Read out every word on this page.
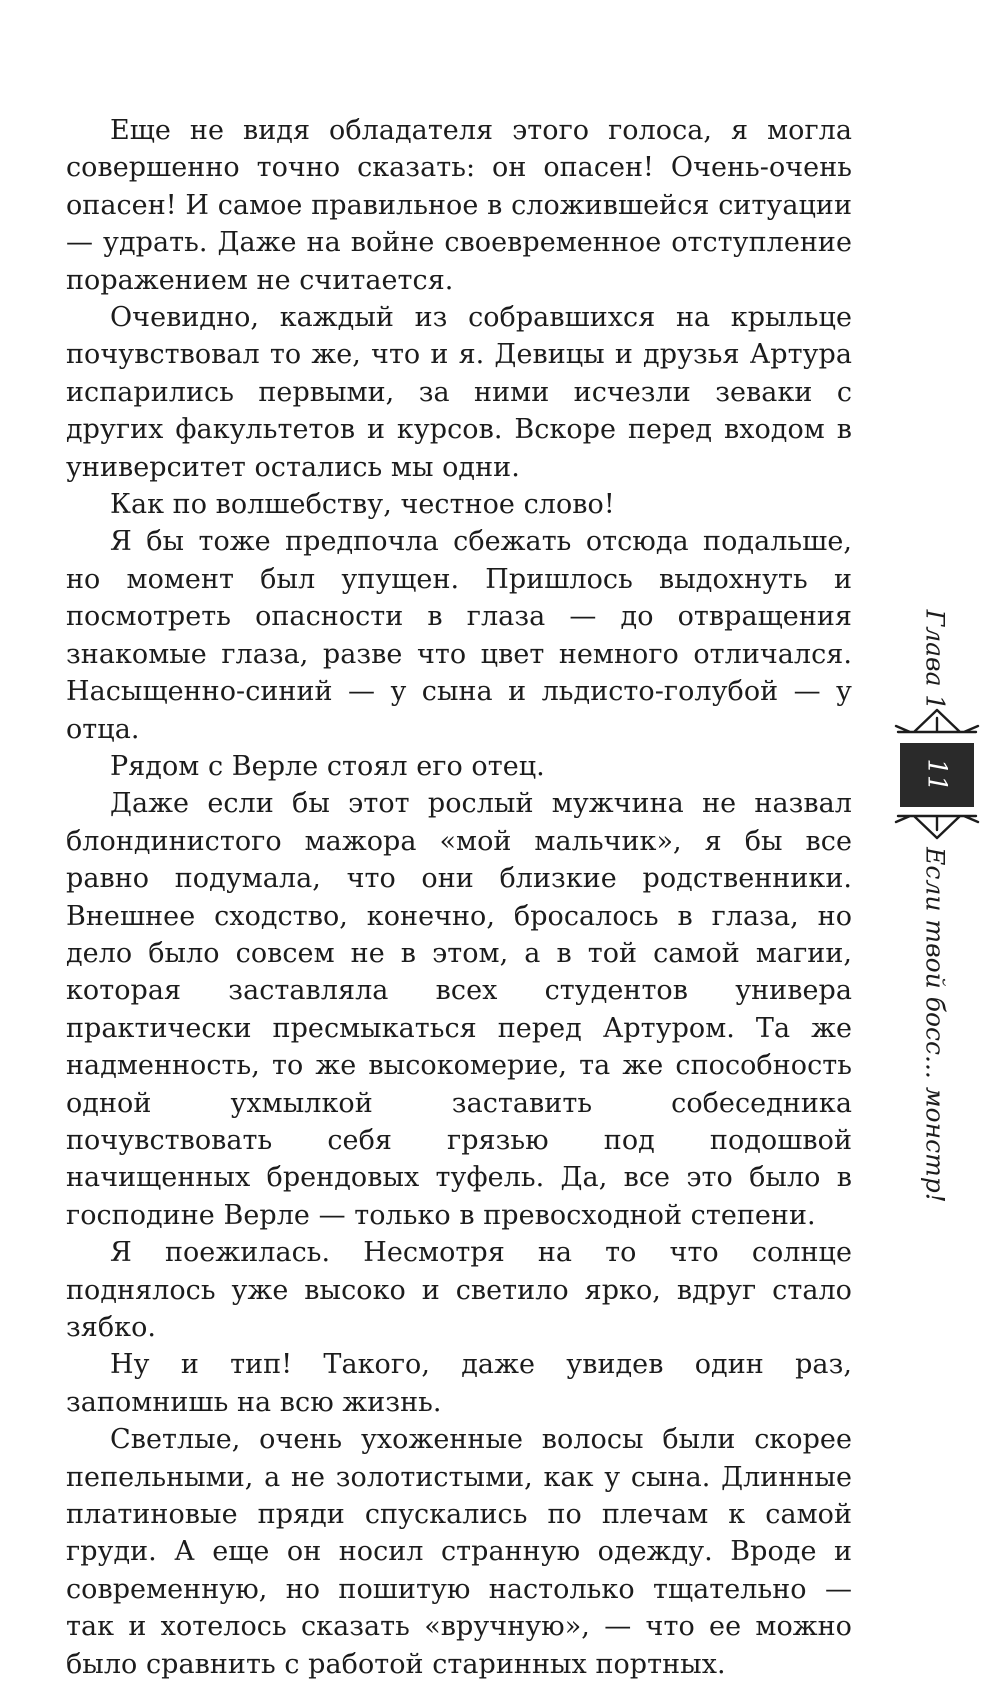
Еще не видя обладателя этого голоса, я могла совершенно точно сказать: он опасен! Очень-очень опасен! И самое правильное в сложившейся ситуации — удрать. Даже на войне своевременное отступление поражением не считается.

Очевидно, каждый из собравшихся на крыльце почувствовал то же, что и я. Девицы и друзья Артура испарились первыми, за ними исчезли зеваки с других факультетов и курсов. Вскоре перед входом в университет остались мы одни.

Как по волшебству, честное слово!

Я бы тоже предпочла сбежать отсюда подальше, но момент был упущен. Пришлось выдохнуть и посмотреть опасности в глаза — до отвращения знакомые глаза, разве что цвет немного отличался. Насыщенно-синий — у сына и льдисто-голубой — у отца.

Рядом с Верле стоял его отец.

Даже если бы этот рослый мужчина не назвал блондинистого мажора «мой мальчик», я бы все равно подумала, что они близкие родственники. Внешнее сходство, конечно, бросалось в глаза, но дело было совсем не в этом, а в той самой магии, которая заставляла всех студентов универа практически пресмыкаться перед Артуром. Та же надменность, то же высокомерие, та же способность одной ухмылкой заставить собеседника почувствовать себя грязью под подошвой начищенных брендовых туфель. Да, все это было в господине Верле — только в превосходной степени.

Я поежилась. Несмотря на то что солнце поднялось уже высоко и светило ярко, вдруг стало зябко.

Ну и тип! Такого, даже увидев один раз, запомнишь на всю жизнь.

Светлые, очень ухоженные волосы были скорее пепельными, а не золотистыми, как у сына. Длинные платиновые пряди спускались по плечам к самой груди. А еще он носил странную одежду. Вроде и современную, но пошитую настолько тщательно — так и хотелось сказать «вручную», — что ее можно было сравнить с работой старинных портных.

Глава 1
11
Если твой босс... монстр!
